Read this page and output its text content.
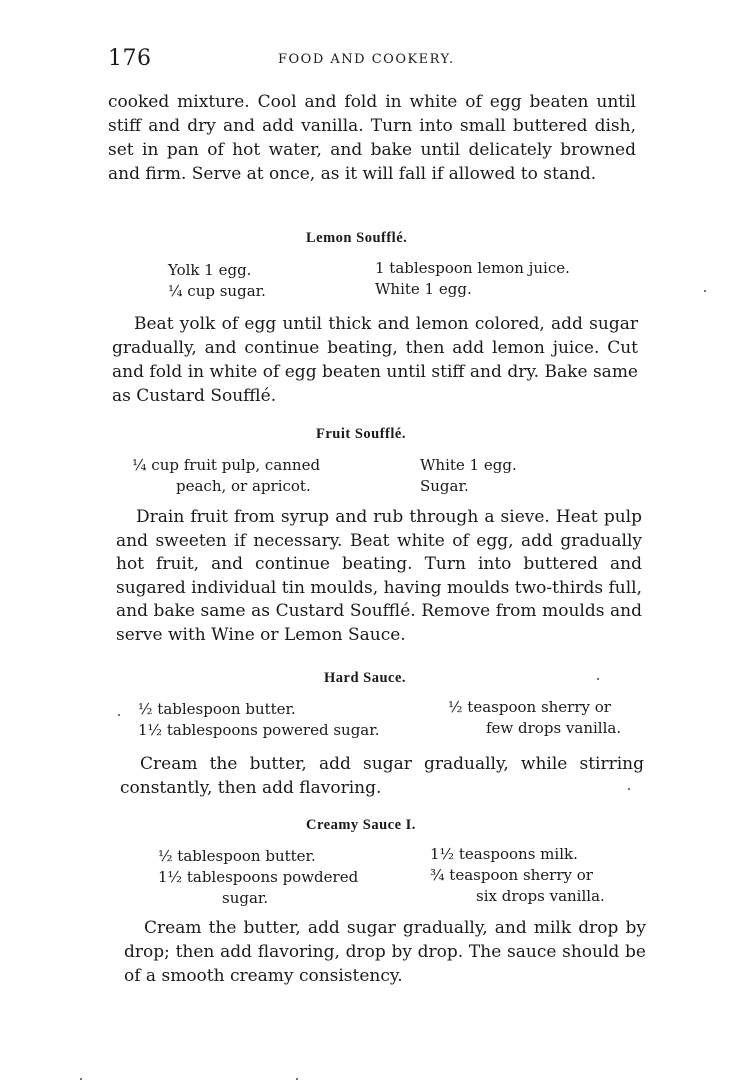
176	FOOD AND COOKERY.

cooked mixture. Cool and fold in white of egg beaten until stiff and dry and add vanilla. Turn into small buttered dish, set in pan of hot water, and bake until delicately browned and firm. Serve at once, as it will fall if allowed to stand.

Lemon Soufflé.
Yolk 1 egg.
¼ cup sugar.
1 tablespoon lemon juice.
White 1 egg.

Beat yolk of egg until thick and lemon colored, add sugar gradually, and continue beating, then add lemon juice. Cut and fold in white of egg beaten until stiff and dry. Bake same as Custard Soufflé.

Fruit Soufflé.
¼ cup fruit pulp, canned
peach, or apricot.
White 1 egg.
Sugar.

Drain fruit from syrup and rub through a sieve. Heat pulp and sweeten if necessary. Beat white of egg, add gradually hot fruit, and continue beating. Turn into buttered and sugared individual tin moulds, having moulds two-thirds full, and bake same as Custard Soufflé. Remove from moulds and serve with Wine or Lemon Sauce.

Hard Sauce.
½ tablespoon butter.
1½ tablespoons powered sugar.
½ teaspoon sherry or
few drops vanilla.

Cream the butter, add sugar gradually, while stirring constantly, then add flavoring.

Creamy Sauce I.
½ tablespoon butter.
1½ tablespoons powdered
sugar.
1½ teaspoons milk.
¾ teaspoon sherry or
six drops vanilla.

Cream the butter, add sugar gradually, and milk drop by drop; then add flavoring, drop by drop. The sauce should be of a smooth creamy consistency.
